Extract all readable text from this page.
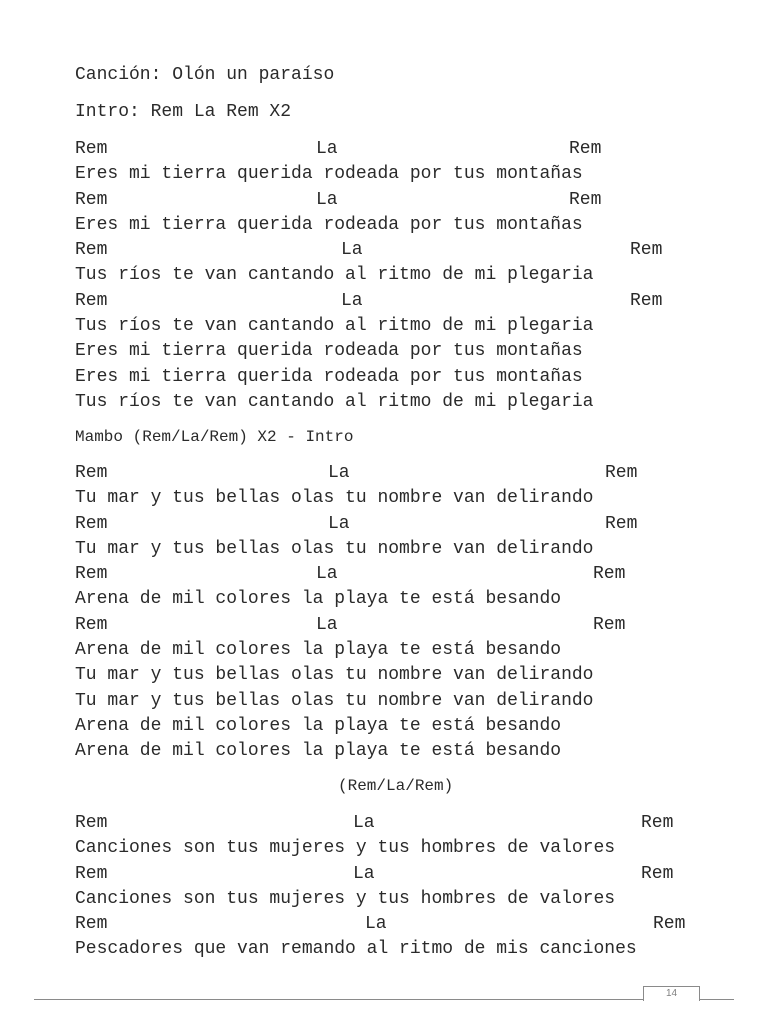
Canción: Olón un paraíso
Intro: Rem La Rem X2
Rem	La	Rem
Eres mi tierra querida rodeada por tus montañas
Rem	La	Rem
Eres mi tierra querida rodeada por tus montañas
Rem	La	Rem
Tus ríos te van cantando al ritmo de mi plegaria
Rem	La	Rem
Tus ríos te van cantando al ritmo de mi plegaria
Eres mi tierra querida rodeada por tus montañas
Eres mi tierra querida rodeada por tus montañas
Tus ríos te van cantando al ritmo de mi plegaria
Mambo (Rem/La/Rem) X2 - Intro
Rem	La	Rem
Tu mar y tus bellas olas tu nombre van delirando
Rem	La	Rem
Tu mar y tus bellas olas tu nombre van delirando
Rem	La	Rem
Arena de mil colores la playa te está besando
Rem	La	Rem
Arena de mil colores la playa te está besando
Tu mar y tus bellas olas tu nombre van delirando
Tu mar y tus bellas olas tu nombre van delirando
Arena de mil colores la playa te está besando
Arena de mil colores la playa te está besando
(Rem/La/Rem)
Rem	La	Rem
Canciones son tus mujeres y tus hombres de valores
Rem	La	Rem
Canciones son tus mujeres y tus hombres de valores
Rem	La	Rem
Pescadores que van remando al ritmo de mis canciones
14
